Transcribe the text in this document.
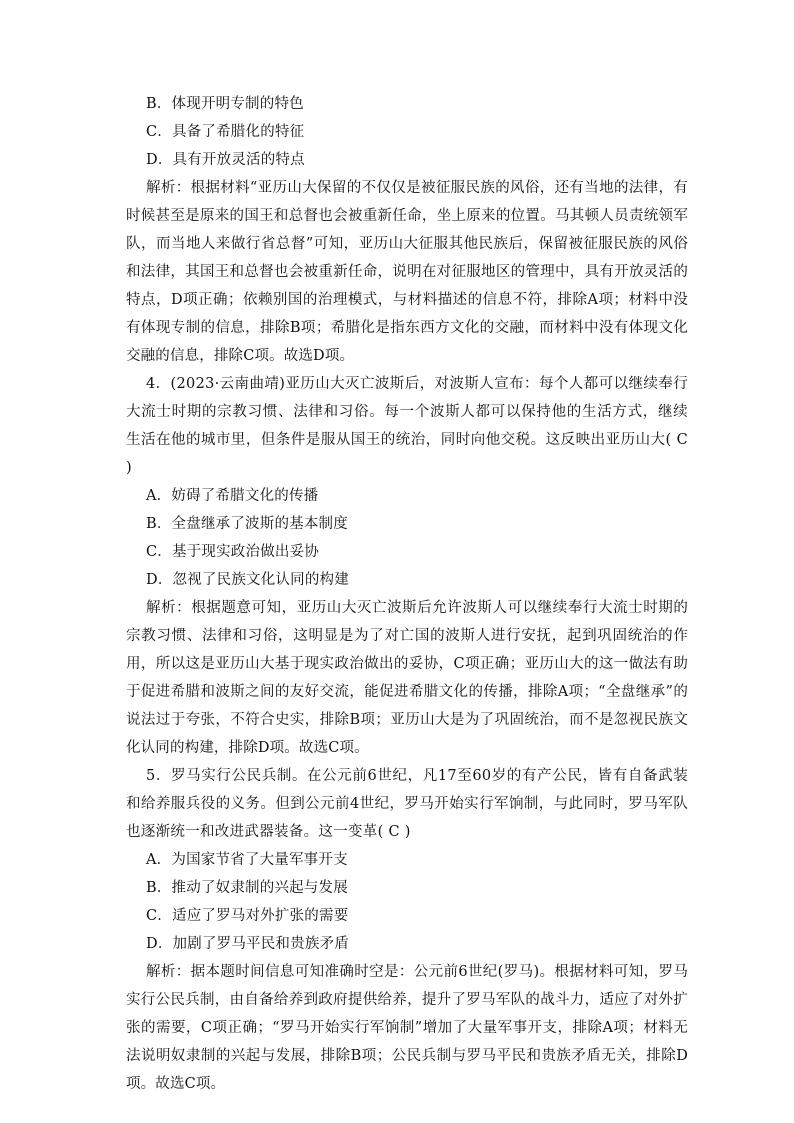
B．体现开明专制的特色
C．具备了希腊化的特征
D．具有开放灵活的特点
解析：根据材料“亚历山大保留的不仅仅是被征服民族的风俗，还有当地的法律，有时候甚至是原来的国王和总督也会被重新任命，坐上原来的位置。马其顿人员责统领军队，而当地人来做行省总督”可知，亚历山大征服其他民族后，保留被征服民族的风俗和法律，其国王和总督也会被重新任命，说明在对征服地区的管理中，具有开放灵活的特点，D项正确；依赖别国的治理模式，与材料描述的信息不符，排除A项；材料中没有体现专制的信息，排除B项；希腊化是指东西方文化的交融，而材料中没有体现文化交融的信息，排除C项。故选D项。
4．(2023·云南曲靖)亚历山大灭亡波斯后，对波斯人宣布：每个人都可以继续奉行大流士时期的宗教习惯、法律和习俗。每一个波斯人都可以保持他的生活方式，继续生活在他的城市里，但条件是服从国王的统治，同时向他交税。这反映出亚历山大( C )
A．妨碍了希腊文化的传播
B．全盘继承了波斯的基本制度
C．基于现实政治做出妥协
D．忽视了民族文化认同的构建
解析：根据题意可知，亚历山大灭亡波斯后允许波斯人可以继续奉行大流士时期的宗教习惯、法律和习俗，这明显是为了对亡国的波斯人进行安抚，起到巩固统治的作用，所以这是亚历山大基于现实政治做出的妥协，C项正确；亚历山大的这一做法有助于促进希腊和波斯之间的友好交流，能促进希腊文化的传播，排除A项；“全盘继承”的说法过于夸张，不符合史实，排除B项；亚历山大是为了巩固统治，而不是忽视民族文化认同的构建，排除D项。故选C项。
5．罗马实行公民兵制。在公元前6世纪，凡17至60岁的有产公民，皆有自备武装和给养服兵役的义务。但到公元前4世纪，罗马开始实行军饷制，与此同时，罗马军队也逐渐统一和改进武器装备。这一变革( C )
A．为国家节省了大量军事开支
B．推动了奴隶制的兴起与发展
C．适应了罗马对外扩张的需要
D．加剧了罗马平民和贵族矛盾
解析：据本题时间信息可知准确时空是：公元前6世纪(罗马)。根据材料可知，罗马实行公民兵制，由自备给养到政府提供给养，提升了罗马军队的战斗力，适应了对外扩张的需要，C项正确；“罗马开始实行军饷制”增加了大量军事开支，排除A项；材料无法说明奴隶制的兴起与发展，排除B项；公民兵制与罗马平民和贵族矛盾无关，排除D项。故选C项。
